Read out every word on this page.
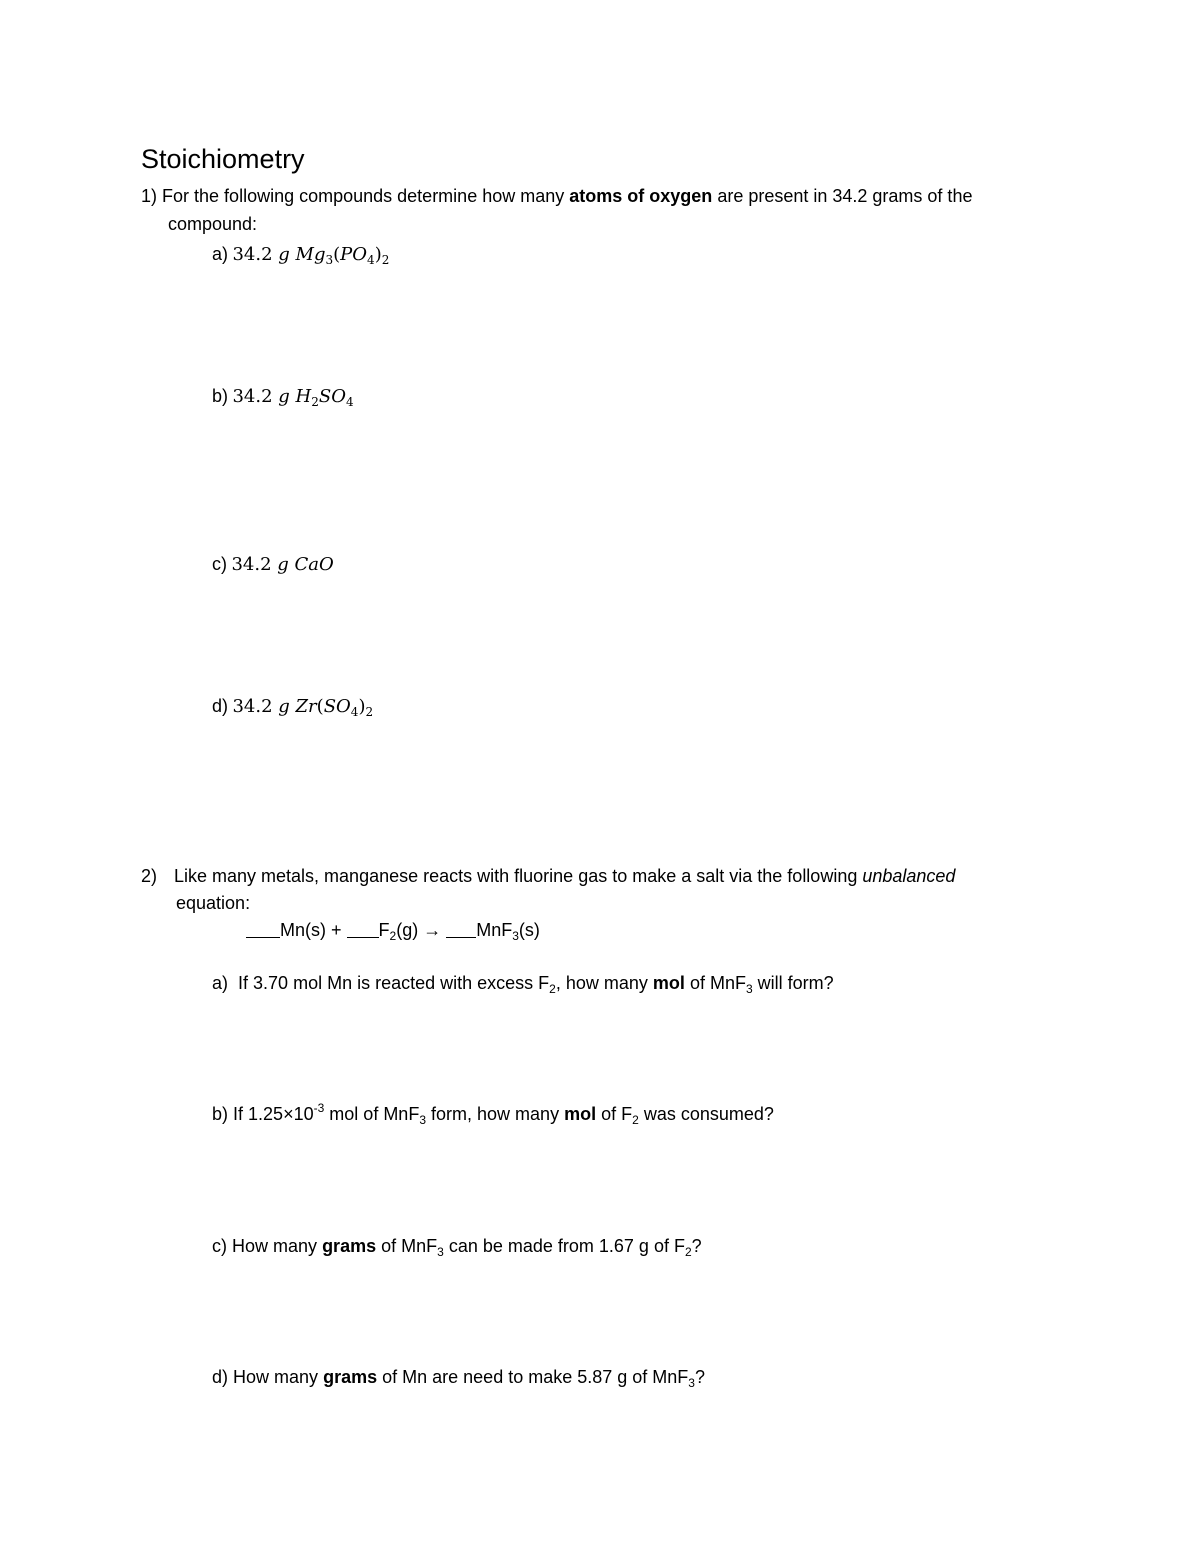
Stoichiometry
1) For the following compounds determine how many atoms of oxygen are present in 34.2 grams of the
compound:
a) 34.2 g $Mg_3(PO_4)_2$
b) 34.2 g $H_2SO_4$
c) 34.2 g CaO
d) 34.2 g $Zr(SO_4)_2$
2) Like many metals, manganese reacts with fluorine gas to make a salt via the following unbalanced
equation:
$Mn(s) + F_2(g) \to MnF_3(s)$
a) If 3.70 mol Mn is reacted with excess $F_2$, how many mol of MnF$_3$ will form?
b) If $1.25\times 10^{-3}$ mol of MnF$_3$ form, how many mol of $F_2$ was consumed?
c) How many grams of MnF$_3$ can be made from 1.67 g of $F_2$?
d) How many grams of Mn are need to make 5.87 g of MnF$_3$?
